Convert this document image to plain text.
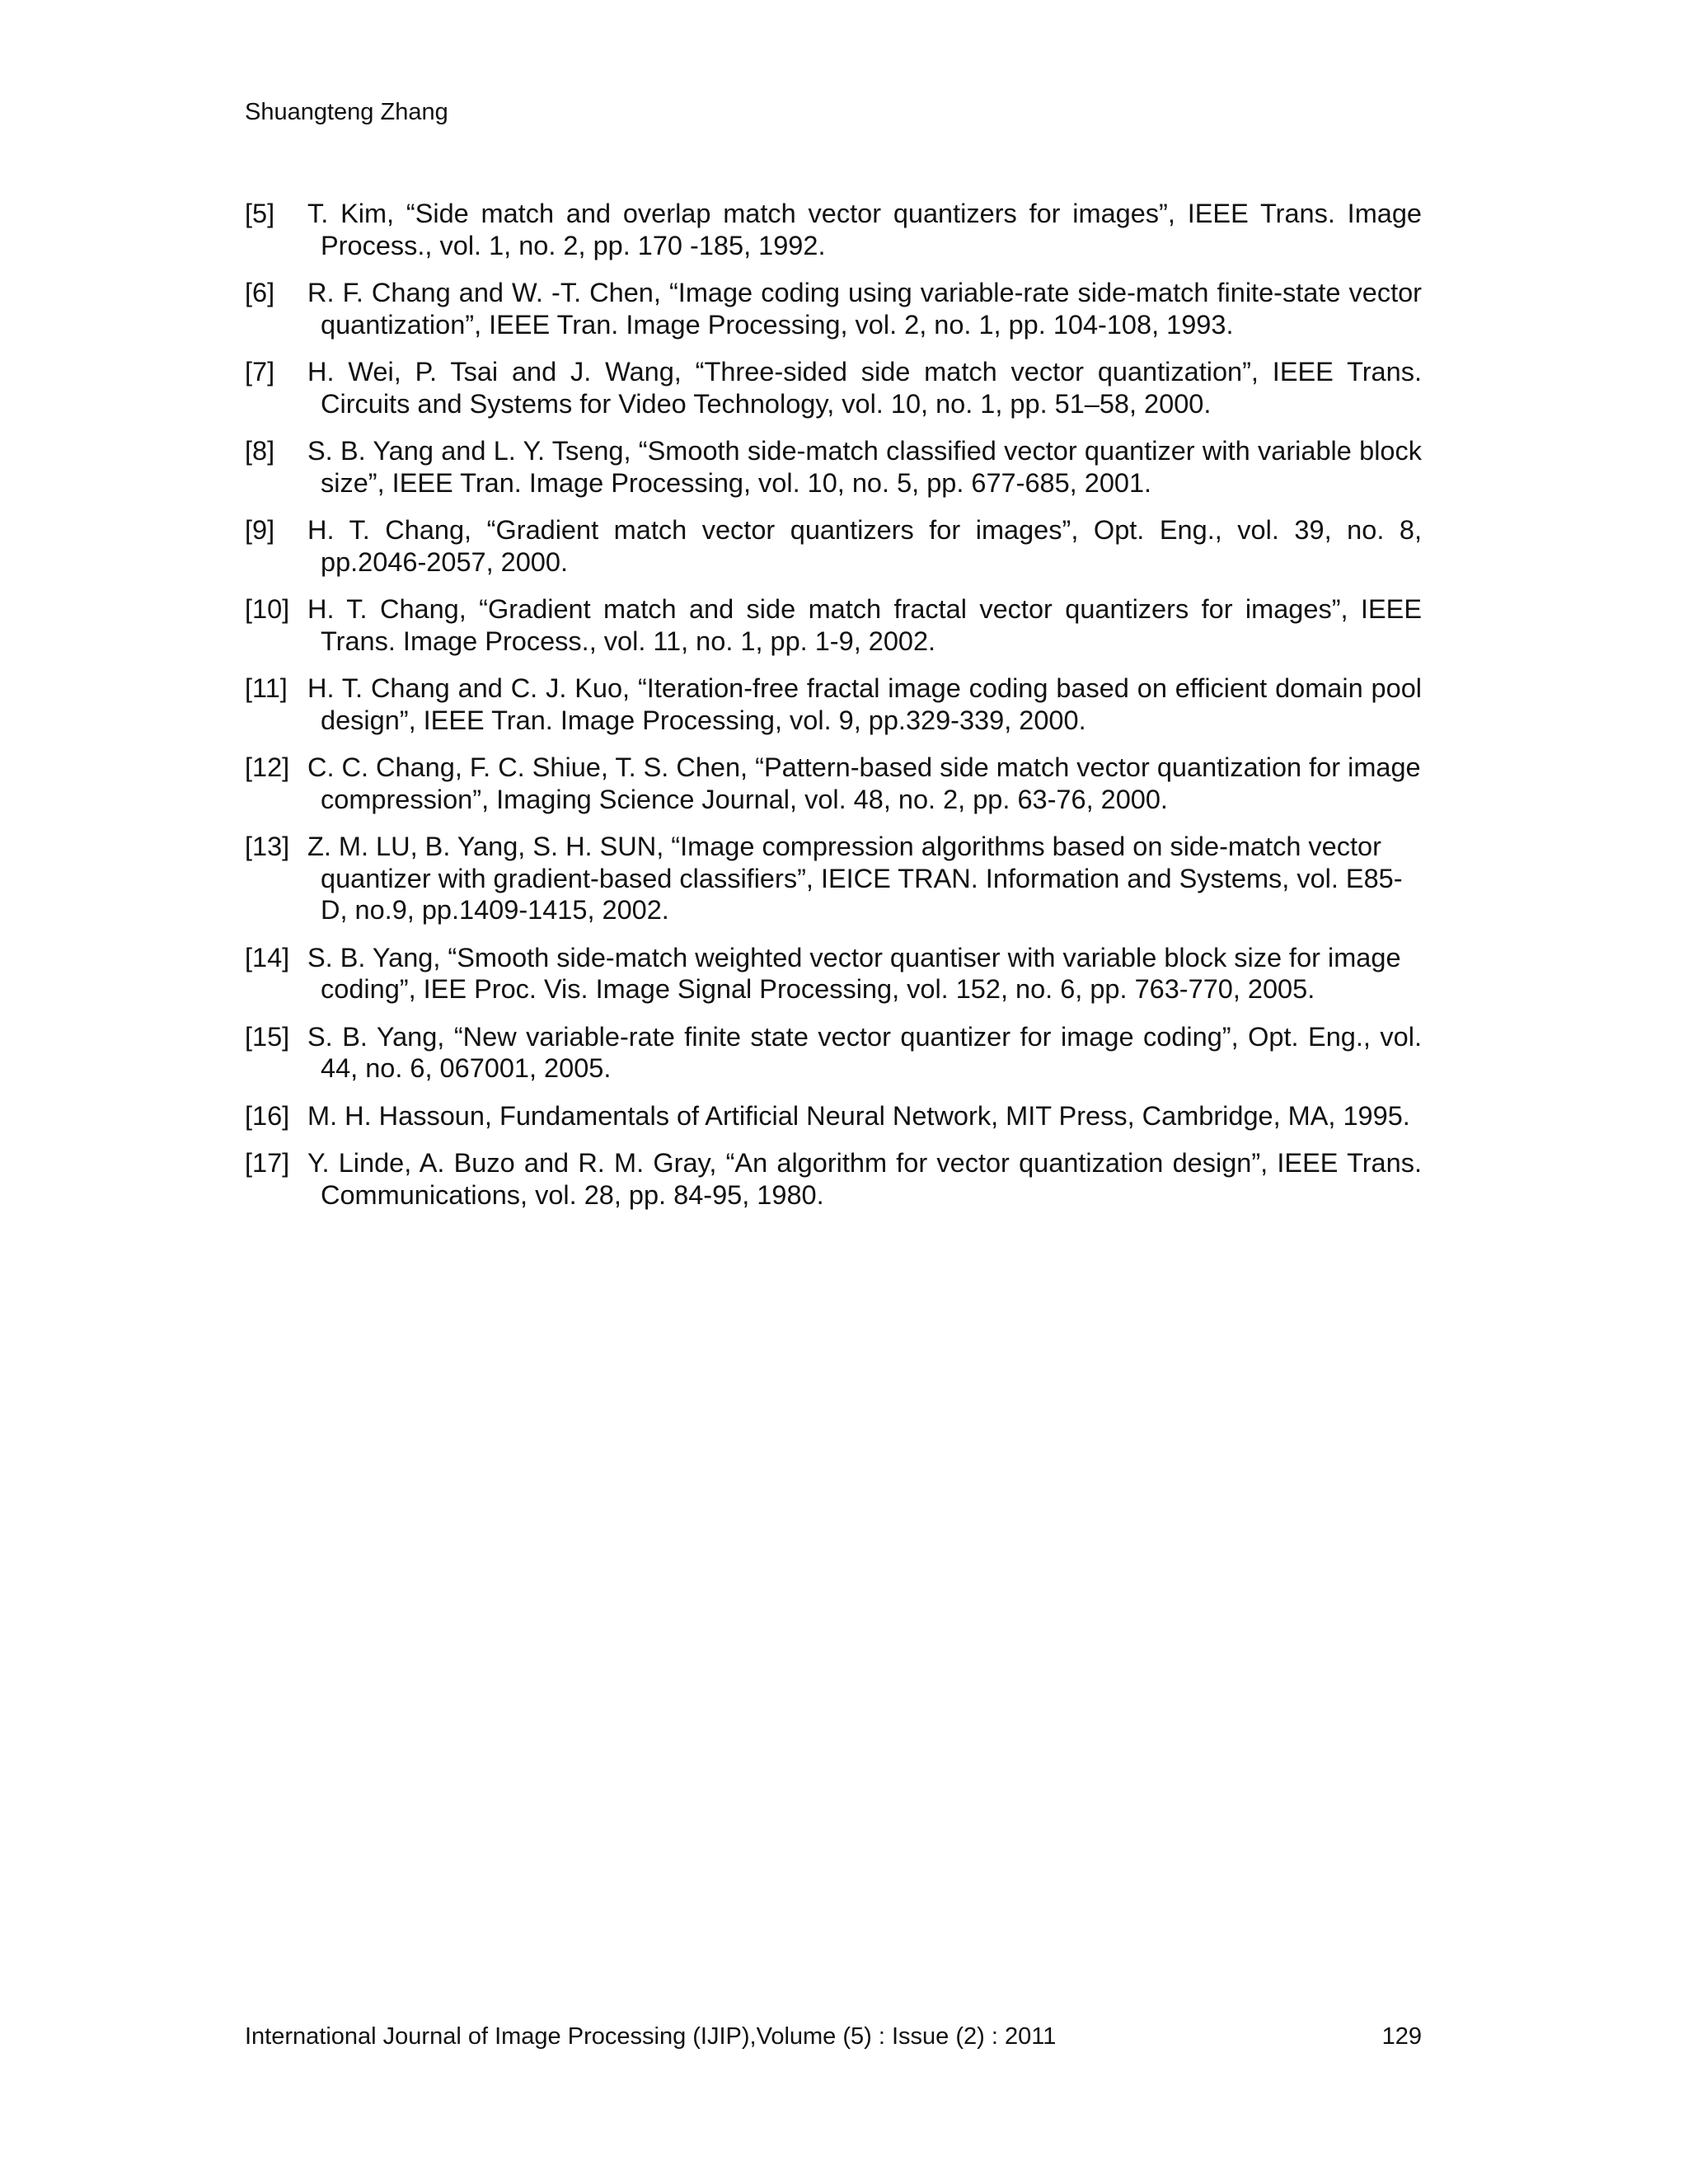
Shuangteng Zhang
[5]	T. Kim, “Side match and overlap match vector quantizers for images”, IEEE Trans. Image Process., vol. 1, no. 2, pp. 170 -185, 1992.
[6]	R. F. Chang and W. -T. Chen, “Image coding using variable-rate side-match finite-state vector quantization”, IEEE Tran. Image Processing, vol. 2, no. 1, pp. 104-108, 1993.
[7]	H. Wei, P. Tsai and J. Wang, “Three-sided side match vector quantization”, IEEE Trans. Circuits and Systems for Video Technology, vol. 10, no. 1, pp. 51–58, 2000.
[8]	S. B. Yang and L. Y. Tseng, “Smooth side-match classified vector quantizer with variable block size”, IEEE Tran. Image Processing, vol. 10, no. 5, pp. 677-685, 2001.
[9]	H. T. Chang, “Gradient match vector quantizers for images”, Opt. Eng., vol. 39, no. 8, pp.2046-2057, 2000.
[10] H. T. Chang, “Gradient match and side match fractal vector quantizers for images”, IEEE Trans. Image Process., vol. 11, no. 1, pp. 1-9, 2002.
[11] H. T. Chang and C. J. Kuo, “Iteration-free fractal image coding based on efficient domain pool design”, IEEE Tran. Image Processing, vol. 9, pp.329-339, 2000.
[12] C. C. Chang, F. C. Shiue, T. S. Chen, “Pattern-based side match vector quantization for image compression”, Imaging Science Journal, vol. 48, no. 2, pp. 63-76, 2000.
[13] Z. M. LU, B. Yang, S. H. SUN, “Image compression algorithms based on side-match vector quantizer with gradient-based classifiers”, IEICE TRAN. Information and Systems, vol. E85-D, no.9, pp.1409-1415, 2002.
[14] S. B. Yang, “Smooth side-match weighted vector quantiser with variable block size for image coding”, IEE Proc. Vis. Image Signal Processing, vol. 152, no. 6, pp. 763-770, 2005.
[15] S. B. Yang, “New variable-rate finite state vector quantizer for image coding”, Opt. Eng., vol. 44, no. 6, 067001, 2005.
[16] M. H. Hassoun, Fundamentals of Artificial Neural Network, MIT Press, Cambridge, MA, 1995.
[17] Y. Linde, A. Buzo and R. M. Gray, “An algorithm for vector quantization design”, IEEE Trans. Communications, vol. 28, pp. 84-95, 1980.
International Journal of Image Processing (IJIP),Volume (5) : Issue (2) : 2011	129
